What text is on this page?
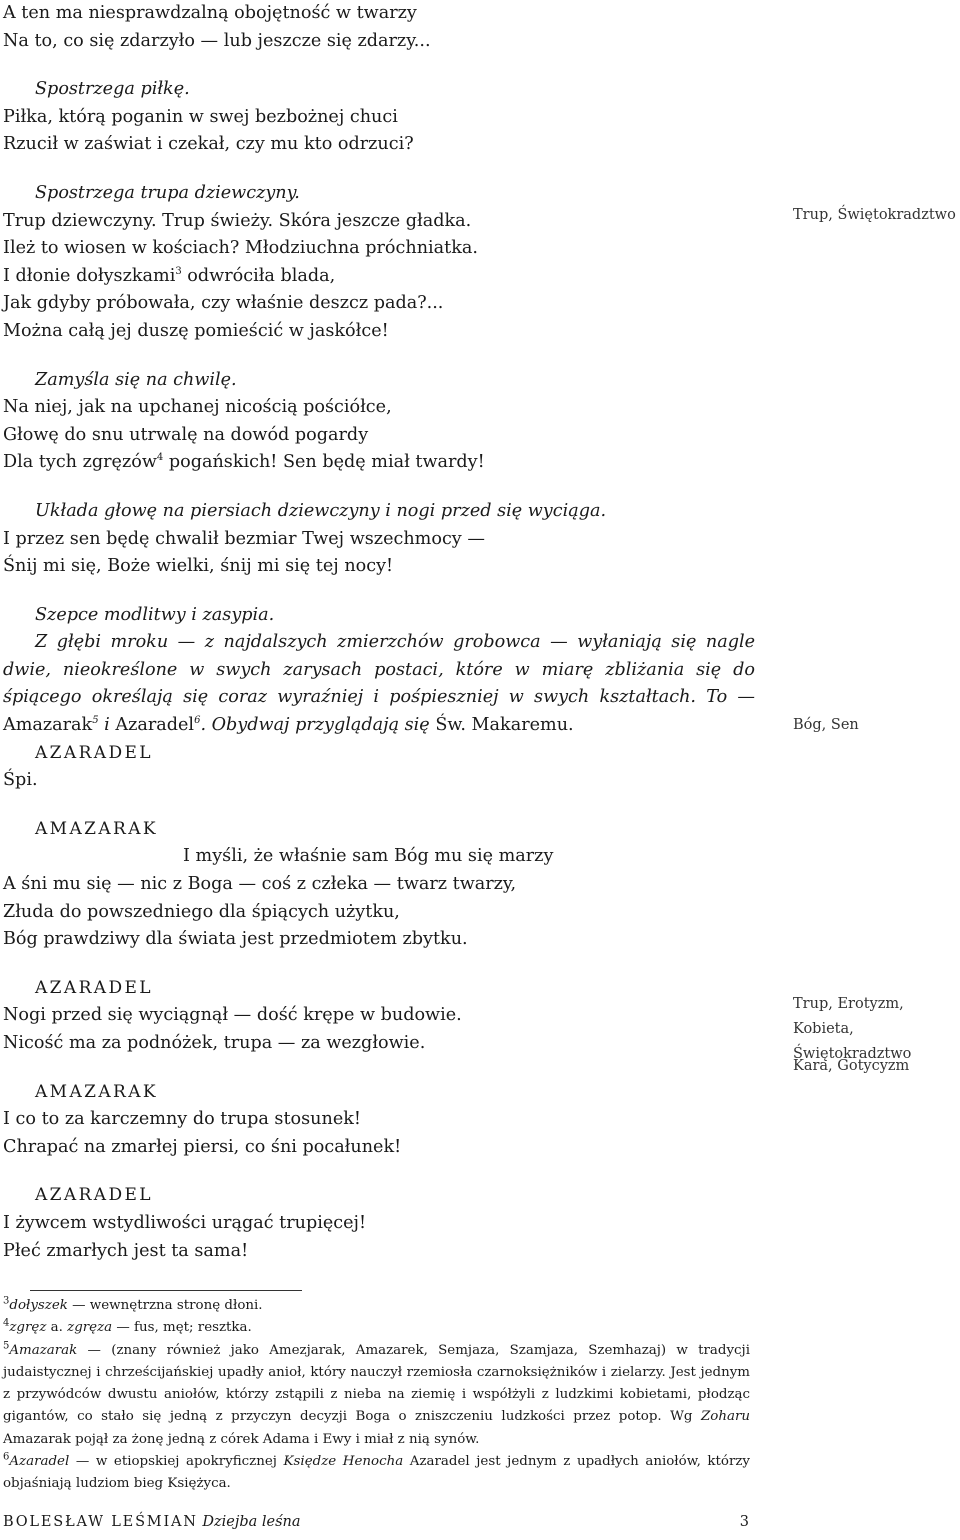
A ten ma niesprawdzalną obojętność w twarzy
Na to, co się zdarzyło — lub jeszcze się zdarzy...
Spostrzega piłkę.
Piłka, którą poganin w swej bezbożnej chuci
Rzucił w zaświat i czekał, czy mu kto odrzuci?
Spostrzega trupa dziewczyny.
Trup dziewczyny. Trup świeży. Skóra jeszcze gładka.
Ileż to wiosen w kościach? Młodziuchna próchniatka.
I dłonie dołyszkami$^3$ odwróciła blada,
Jak gdyby próbowała, czy właśnie deszcz pada?...
Można całą jej duszę pomieścić w jaskółce!
Zamyśla się na chwilę.
Na niej, jak na upchanej nicością pościółce,
Głowę do snu utrwalę na dowód pogardy
Dla tych zgręzów$^4$ pogańskich! Sen będę miał twardy!
Układa głowę na piersiach dziewczyny i nogi przed się wyciąga.
I przez sen będę chwalił bezmiar Twej wszechmocy —
Śnij mi się, Boże wielki, śnij mi się tej nocy!
Szepce modlitwy i zasypia.
Z głębi mroku — z najdalszych zmierzchów grobowca — wyłaniają się nagle dwie, nieokreślone w swych zarysach postaci, które w miarę zbliżania się do śpiącego określają się coraz wyraźniej i pośpieszniej w swych kształtach. To — Amazarak$^5$ i Azaradel$^6$. Obydwaj przyglądają się Św. Makaremu.
AZARADEL
Śpi.
AMAZARAK
I myśli, że właśnie sam Bóg mu się marzy
A śni mu się — nic z Boga — coś z człeka — twarz twarzy,
Złuda do powszedniego dla śpiących użytku,
Bóg prawdziwy dla świata jest przedmiotem zbytku.
AZARADEL
Nogi przed się wyciągnął — dość krępe w budowie.
Nicość ma za podnóżek, trupa — za wezgłowie.
AMAZARAK
I co to za karczemny do trupa stosunek!
Chrapać na zmarłej piersi, co śni pocałunek!
AZARADEL
I żywcem wstydliwości urągać trupięcej!
Płeć zmarłych jest ta sama!
Trup, Świętokradztwo
Bóg, Sen
Trup, Erotyzm, Kobieta,
Świętokradztwo
Kara, Gotycyzm
$^3$dołyszek — wewnętrzna stronę dłoni.
$^4$zgręz a. zgręza — fus, męt; resztka.
$^5$Amazarak — (znany również jako Amezjarak, Amazarek, Semjaza, Szamjaza, Szemhazaj) w tradycji judaistycznej i chrześcijańskiej upadły anioł, który nauczył rzemiosła czarnoksiężników i zielarzy. Jest jednym z przywódców dwustu aniołów, którzy zstąpili z nieba na ziemię i współżyli z ludzkimi kobietami, płodząc gigantów, co stało się jedną z przyczyn decyzji Boga o zniszczeniu ludzkości przez potop. Wg Zoharu Amazarak pojął za żonę jedną z córek Adama i Ewy i miał z nią synów.
$^6$Azaradel — w etiopskiej apokryficznej Księdze Henocha Azaradel jest jednym z upadłych aniołów, którzy objaśniają ludziom bieg Księżyca.
BOLESŁAW LEŚMIAN Dziejba leśna	3
